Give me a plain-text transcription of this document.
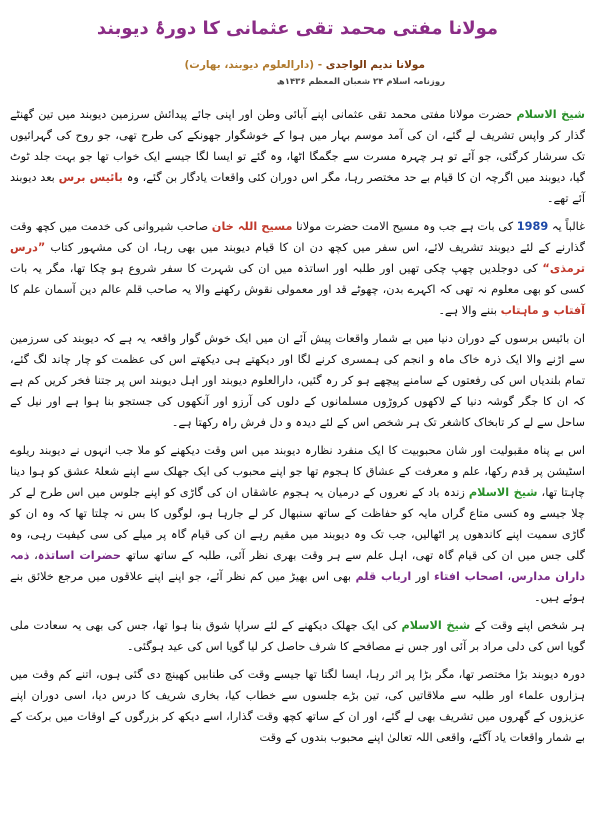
مولانا مفتی محمد تقی عثمانی کا دورۂ دیوبند
مولانا ندیم الواجدی - (دارالعلوم دیوبند، بھارت)
روزنامہ اسلام ۲۴ شعبان المعظم ۱۴۳۶ھ

شیخ الاسلام حضرت مولانا مفتی محمد تقی عثمانی اپنے آبائی وطن اور اپنی جائے پیدائش سرزمین دیوبند میں تین گھنٹے گذار کر واپس تشریف لے گئے، ان کی آمد موسم بہار میں ہوا کے خوشگوار جھونکے کی طرح تھی، جو روح کی گہرائیوں تک سرشار کرگئی، جو آئے تو ہر چہرہ مسرت سے جگمگا اٹھا، وہ گئے تو ایسا لگا جیسے ایک خواب تھا جو بہت جلد ٹوٹ گیا، دیوبند میں اگرچہ ان کا قیام بے حد مختصر رہا، مگر اس دوران کئی واقعات یادگار بن گئے، وہ بائیس برس بعد دیوبند آئے تھے۔

غالباً یہ 1989 کی بات ہے جب وہ مسیح الامت حضرت مولانا مسیح اللہ خان صاحب شیروانی کی خدمت میں کچھ وقت گذارنے کے لئے دیوبند تشریف لائے، اس سفر میں کچھ دن ان کا قیام دیوبند میں بھی رہا، ان کی مشہور کتاب ”درس ترمذی“ کی دوجلدیں چھپ چکی تھیں اور طلبہ اور اساتذہ میں ان کی شہرت کا سفر شروع ہو چکا تھا، مگر یہ بات کسی کو بھی معلوم نہ تھی کہ اکہرے بدن، چھوٹے قد اور معمولی نقوش رکھنے والا یہ صاحب قلم عالم دین آسمان علم کا آفتاب و ماہتاب بننے والا ہے۔

ان بائیس برسوں کے دوران دنیا میں بے شمار واقعات پیش آئے ان میں ایک خوش گوار واقعہ یہ ہے کہ دیوبند کی سرزمین سے اڑنے والا ایک ذرہ خاک ماہ و انجم کی ہمسری کرنے لگا اور دیکھتے ہی دیکھتے اس کی عظمت کو چار چاند لگ گئے، تمام بلندیاں اس کی رفعتوں کے سامنے پیچھے ہو کر رہ گئیں، دارالعلوم دیوبند اور اہل دیوبند اس پر جتنا فخر کریں کم ہے کہ ان کا جگر گوشہ دنیا کے لاکھوں کروڑوں مسلمانوں کے دلوں کی آرزو اور آنکھوں کی جستجو بنا ہوا ہے اور نیل کے ساحل سے لے کر تابخاک کاشغر تک ہر شخص اس کے لئے دیدہ و دل فرش راہ رکھتا ہے۔

اس بے پناہ مقبولیت اور شان محبوبیت کا ایک منفرد نظارہ دیوبند میں اس وقت دیکھنے کو ملا جب انہوں نے دیوبند ریلوے اسٹیشن پر قدم رکھا، علم و معرفت کے عشاق کا ہجوم تھا جو اپنے محبوب کی ایک جھلک سے اپنے شعلۂ عشق کو ہوا دینا چاہتا تھا، شیخ الاسلام زندہ باد کے نعروں کے درمیان یہ ہجوم عاشقاں ان کی گاڑی کو اپنے جلوس میں اس طرح لے کر چلا جیسے وہ کسی متاع گراں مایہ کو حفاظت کے ساتھ سنبھال کر لے جارہا ہو، لوگوں کا بس نہ چلتا تھا کہ وہ ان کو گاڑی سمیت اپنے کاندھوں پر اٹھالیں، جب تک وہ دیوبند میں مقیم رہے ان کی قیام گاہ پر میلے کی سی کیفیت رہی، وہ گلی جس میں ان کی قیام گاہ تھی، اہل علم سے ہر وقت بھری نظر آئی، طلبہ کے ساتھ ساتھ حضرات اساتذہ، ذمہ داران مدارس، اصحاب افتاء اور ارباب قلم بھی اس بھیڑ میں کم نظر آئے، جو اپنے اپنے علاقوں میں مرجع خلائق بنے ہوئے ہیں۔

ہر شخص اپنے وقت کے شیخ الاسلام کی ایک جھلک دیکھنے کے لئے سراپا شوق بنا ہوا تھا، جس کی بھی یہ سعادت ملی گویا اس کی دلی مراد بر آئی اور جس نے مصافحے کا شرف حاصل کر لیا گویا اس کی عید ہوگئی۔

دورہ دیوبند بڑا مختصر تھا، مگر بڑا پر اثر رہا، ایسا لگتا تھا جیسے وقت کی طنابیں کھینچ دی گئی ہوں، اتنے کم وقت میں ہزاروں علماء اور طلبہ سے ملاقاتیں کی، تین بڑے جلسوں سے خطاب کیا، بخاری شریف کا درس دیا، اسی دوران اپنے عزیزوں کے گھروں میں تشریف بھی لے گئے، اور ان کے ساتھ کچھ وقت گذارا، اسے دیکھ کر بزرگوں کے اوقات میں برکت کے بے شمار واقعات یاد آگئے، واقعی اللہ تعالیٰ اپنے محبوب بندوں کے وقت
